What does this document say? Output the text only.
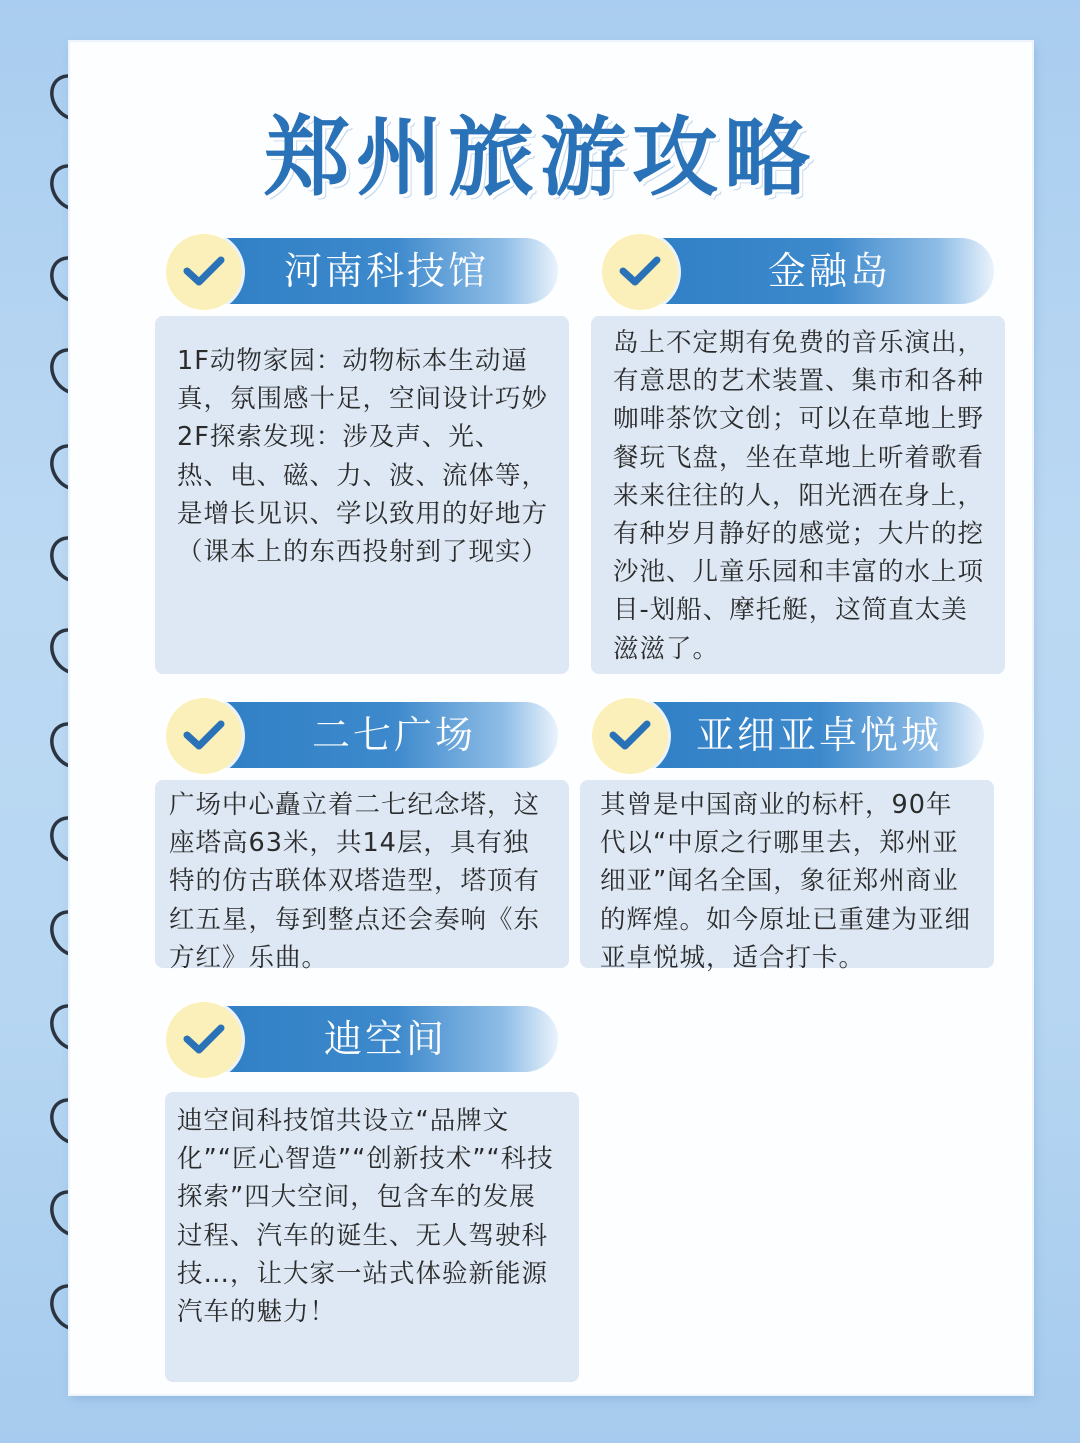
郑州旅游攻略
河南科技馆
1F动物家园：动物标本生动逼真，氛围感十足，空间设计巧妙
2F探索发现：涉及声、光、热、电、磁、力、波、流体等，是增长见识、学以致用的好地方（课本上的东西投射到了现实）
金融岛
岛上不定期有免费的音乐演出，有意思的艺术装置、集市和各种咖啡茶饮文创；可以在草地上野餐玩飞盘，坐在草地上听着歌看来来往往的人，阳光洒在身上，有种岁月静好的感觉；大片的挖沙池、儿童乐园和丰富的水上项目-划船、摩托艇，这简直太美滋滋了。
二七广场
广场中心矗立着二七纪念塔，这座塔高63米，共14层，具有独特的仿古联体双塔造型，塔顶有红五星，每到整点还会奏响《东方红》乐曲。
亚细亚卓悦城
其曾是中国商业的标杆，90年代以“中原之行哪里去，郑州亚细亚”闻名全国，象征郑州商业的辉煌。如今原址已重建为亚细亚卓悦城，适合打卡。
迪空间
迪空间科技馆共设立“品牌文化”“匠心智造”“创新技术”“科技探索”四大空间，包含车的发展过程、汽车的诞生、无人驾驶科技…，让大家一站式体验新能源汽车的魅力！
